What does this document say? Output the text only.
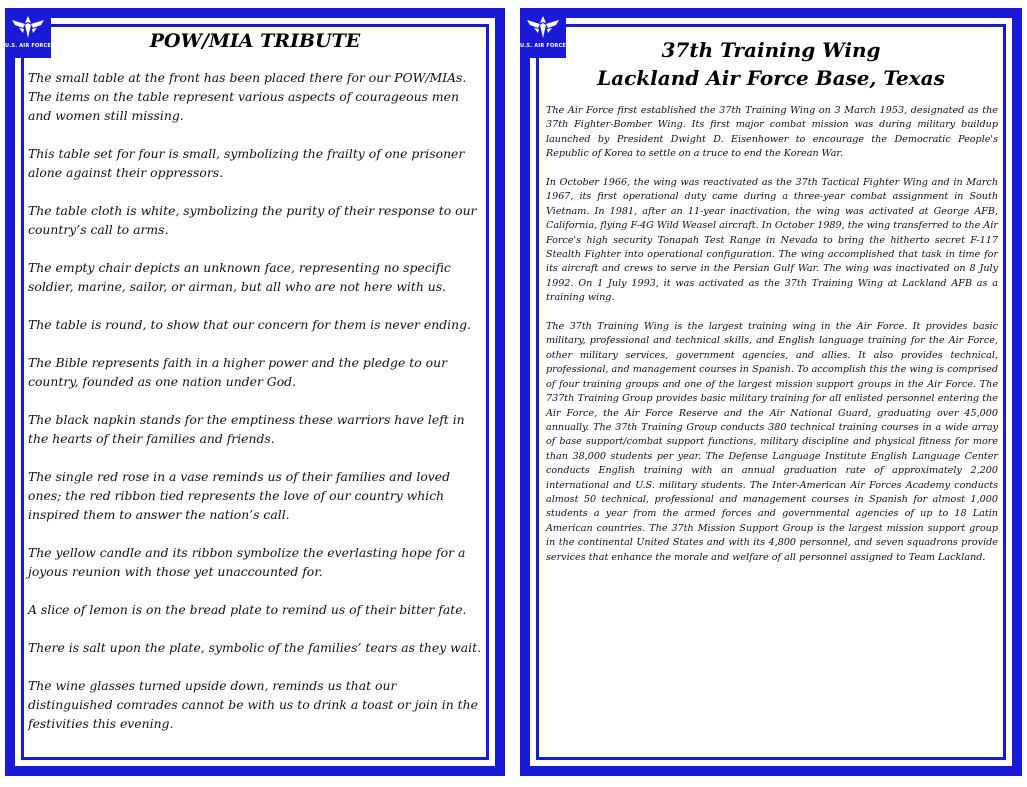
POW/MIA TRIBUTE

The small table at the front has been placed there for our POW/MIAs. The items on the table represent various aspects of courageous men and women still missing.

This table set for four is small, symbolizing the frailty of one prisoner alone against their oppressors.

The table cloth is white, symbolizing the purity of their response to our country’s call to arms.

The empty chair depicts an unknown face, representing no specific soldier, marine, sailor, or airman, but all who are not here with us.

The table is round, to show that our concern for them is never ending.

The Bible represents faith in a higher power and the pledge to our country, founded as one nation under God.

The black napkin stands for the emptiness these warriors have left in the hearts of their families and friends.

The single red rose in a vase reminds us of their families and loved ones; the red ribbon tied represents the love of our country which inspired them to answer the nation’s call.

The yellow candle and its ribbon symbolize the everlasting hope for a joyous reunion with those yet unaccounted for.

A slice of lemon is on the bread plate to remind us of their bitter fate.

There is salt upon the plate, symbolic of the families’ tears as they wait.

The wine glasses turned upside down, reminds us that our distinguished comrades cannot be with us to drink a toast or join in the festivities this evening.

U.S. AIR FORCE	37th Training Wing
Lackland Air Force Base, Texas

The Air Force first established the 37th Training Wing on 3 March 1953, designated as the 37th Fighter-Bomber Wing. Its first major combat mission was during military buildup launched by President Dwight D. Eisenhower to encourage the Democratic People's Republic of Korea to settle on a truce to end the Korean War.

In October 1966, the wing was reactivated as the 37th Tactical Fighter Wing and in March 1967, its first operational duty came during a three-year combat assignment in South Vietnam. In 1981, after an 11-year inactivation, the wing was activated at George AFB, California, flying F-4G Wild Weasel aircraft. In October 1989, the wing transferred to the Air Force's high security Tonapah Test Range in Nevada to bring the hitherto secret F-117 Stealth Fighter into operational configuration. The wing accomplished that task in time for its aircraft and crews to serve in the Persian Gulf War. The wing was inactivated on 8 July 1992. On 1 July 1993, it was activated as the 37th Training Wing at Lackland AFB as a training wing.

The 37th Training Wing is the largest training wing in the Air Force. It provides basic military, professional and technical skills, and English language training for the Air Force, other military services, government agencies, and allies. It also provides technical, professional, and management courses in Spanish. To accomplish this the wing is comprised of four training groups and one of the largest mission support groups in the Air Force. The 737th Training Group provides basic military training for all enlisted personnel entering the Air Force, the Air Force Reserve and the Air National Guard, graduating over 45,000 annually. The 37th Training Group conducts 380 technical training courses in a wide array of base support/combat support functions, military discipline and physical fitness for more than 38,000 students per year. The Defense Language Institute English Language Center conducts English training with an annual graduation rate of approximately 2,200 international and U.S. military students. The Inter-American Air Forces Academy conducts almost 50 technical, professional and management courses in Spanish for almost 1,000 students a year from the armed forces and governmental agencies of up to 18 Latin American countries. The 37th Mission Support Group is the largest mission support group in the continental United States and with its 4,800 personnel, and seven squadrons provide services that enhance the morale and welfare of all personnel assigned to Team Lackland.

U.S. AIR FORCE
